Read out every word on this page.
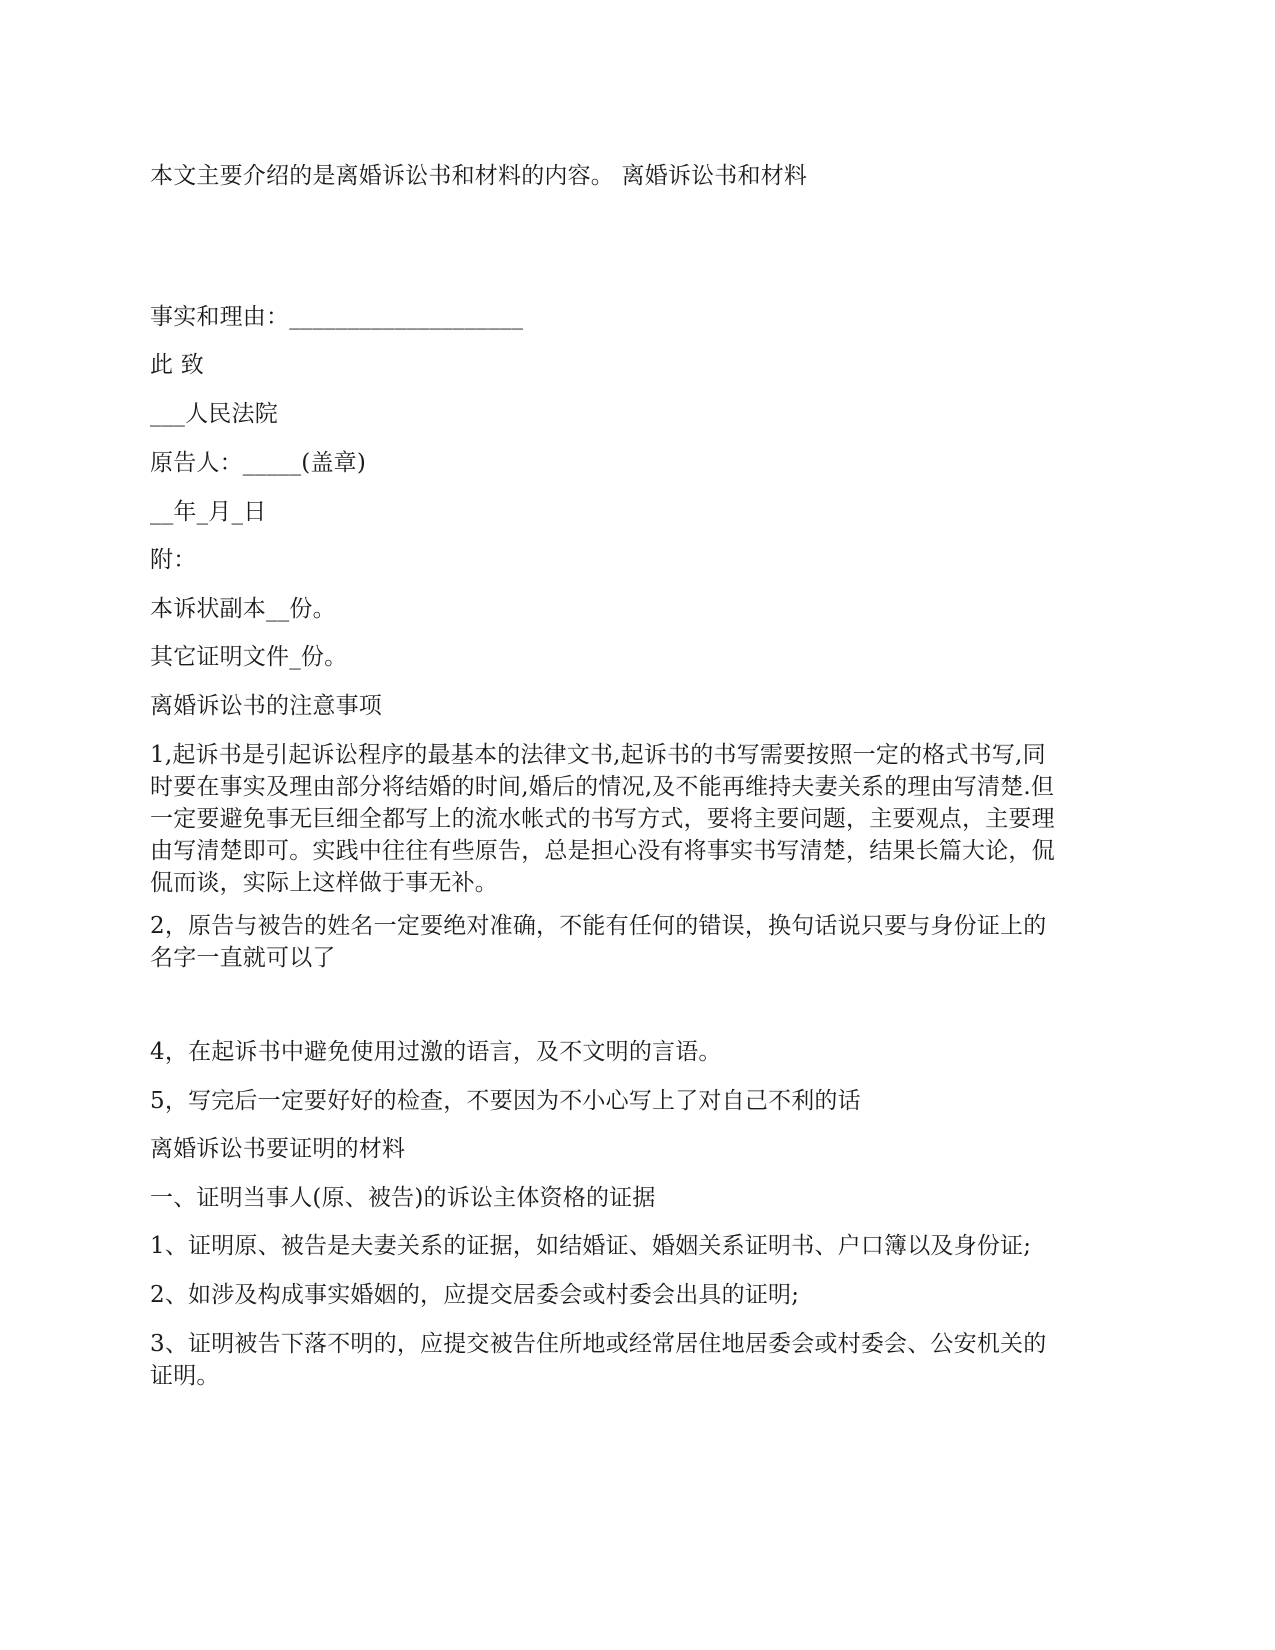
本文主要介绍的是离婚诉讼书和材料的内容。 离婚诉讼书和材料
事实和理由：____________________
此 致
___人民法院
原告人：_____(盖章)
__年_月_日
附：
本诉状副本__份。
其它证明文件_份。
离婚诉讼书的注意事项
1,起诉书是引起诉讼程序的最基本的法律文书,起诉书的书写需要按照一定的格式书写,同
时要在事实及理由部分将结婚的时间,婚后的情况,及不能再维持夫妻关系的理由写清楚.但
一定要避免事无巨细全都写上的流水帐式的书写方式，要将主要问题，主要观点，主要理
由写清楚即可。实践中往往有些原告，总是担心没有将事实书写清楚，结果长篇大论，侃
侃而谈，实际上这样做于事无补。
2，原告与被告的姓名一定要绝对准确，不能有任何的错误，换句话说只要与身份证上的
名字一直就可以了
4，在起诉书中避免使用过激的语言，及不文明的言语。
5，写完后一定要好好的检查，不要因为不小心写上了对自己不利的话
离婚诉讼书要证明的材料
一、证明当事人(原、被告)的诉讼主体资格的证据
1、证明原、被告是夫妻关系的证据，如结婚证、婚姻关系证明书、户口簿以及身份证;
2、如涉及构成事实婚姻的，应提交居委会或村委会出具的证明;
3、证明被告下落不明的，应提交被告住所地或经常居住地居委会或村委会、公安机关的
证明。
